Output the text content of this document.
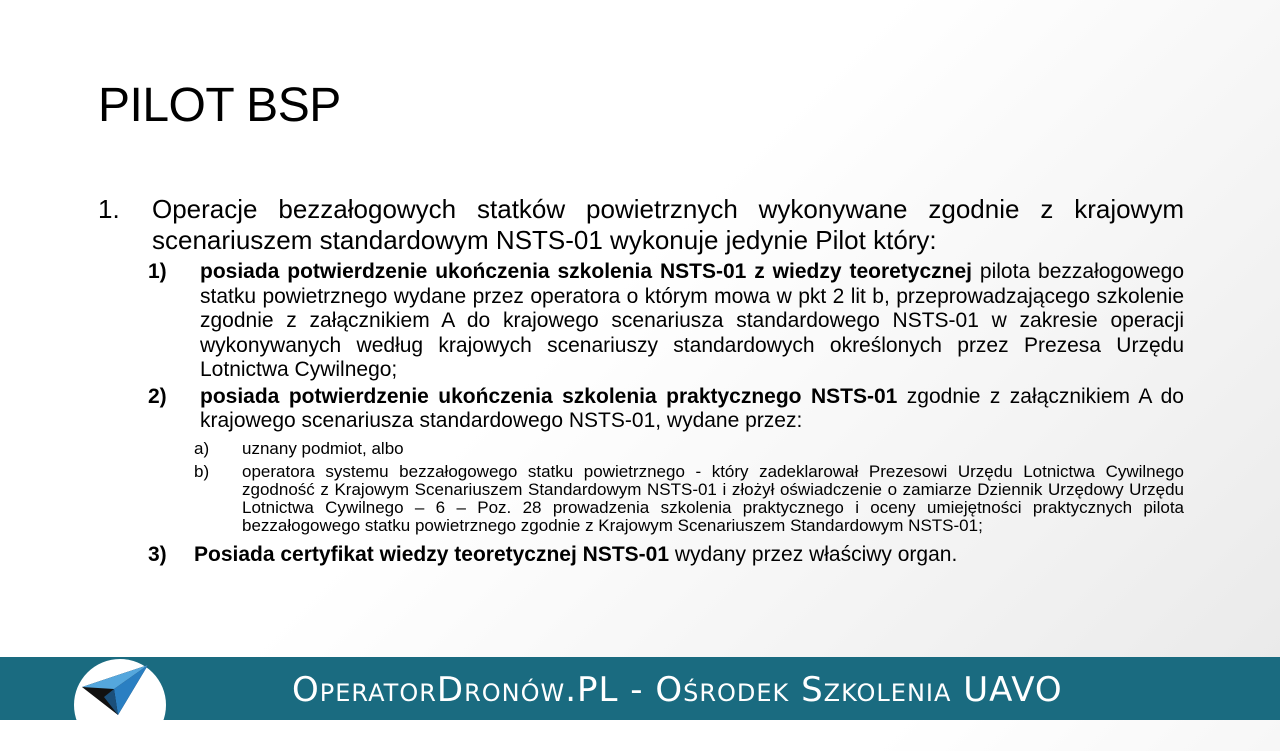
PILOT BSP
1. Operacje bezzałogowych statków powietrznych wykonywane zgodnie z krajowym scenariuszem standardowym NSTS-01 wykonuje jedynie Pilot który:
1) posiada potwierdzenie ukończenia szkolenia NSTS-01 z wiedzy teoretycznej pilota bezzałogowego statku powietrznego wydane przez operatora o którym mowa w pkt 2 lit b, przeprowadzającego szkolenie zgodnie z załącznikiem A do krajowego scenariusza standardowego NSTS-01 w zakresie operacji wykonywanych według krajowych scenariuszy standardowych określonych przez Prezesa Urzędu Lotnictwa Cywilnego;
2) posiada potwierdzenie ukończenia szkolenia praktycznego NSTS-01 zgodnie z załącznikiem A do krajowego scenariusza standardowego NSTS-01, wydane przez:
a) uznany podmiot, albo
b) operatora systemu bezzałogowego statku powietrznego - który zadeklarował Prezesowi Urzędu Lotnictwa Cywilnego zgodność z Krajowym Scenariuszem Standardowym NSTS-01 i złożył oświadczenie o zamiarze Dziennik Urzędowy Urzędu Lotnictwa Cywilnego – 6 – Poz. 28 prowadzenia szkolenia praktycznego i oceny umiejętności praktycznych pilota bezzałogowego statku powietrznego zgodnie z Krajowym Scenariuszem Standardowym NSTS-01;
3) Posiada certyfikat wiedzy teoretycznej NSTS-01 wydany przez właściwy organ.
OperatorDronów.PL - Ośrodek Szkolenia UAVO
